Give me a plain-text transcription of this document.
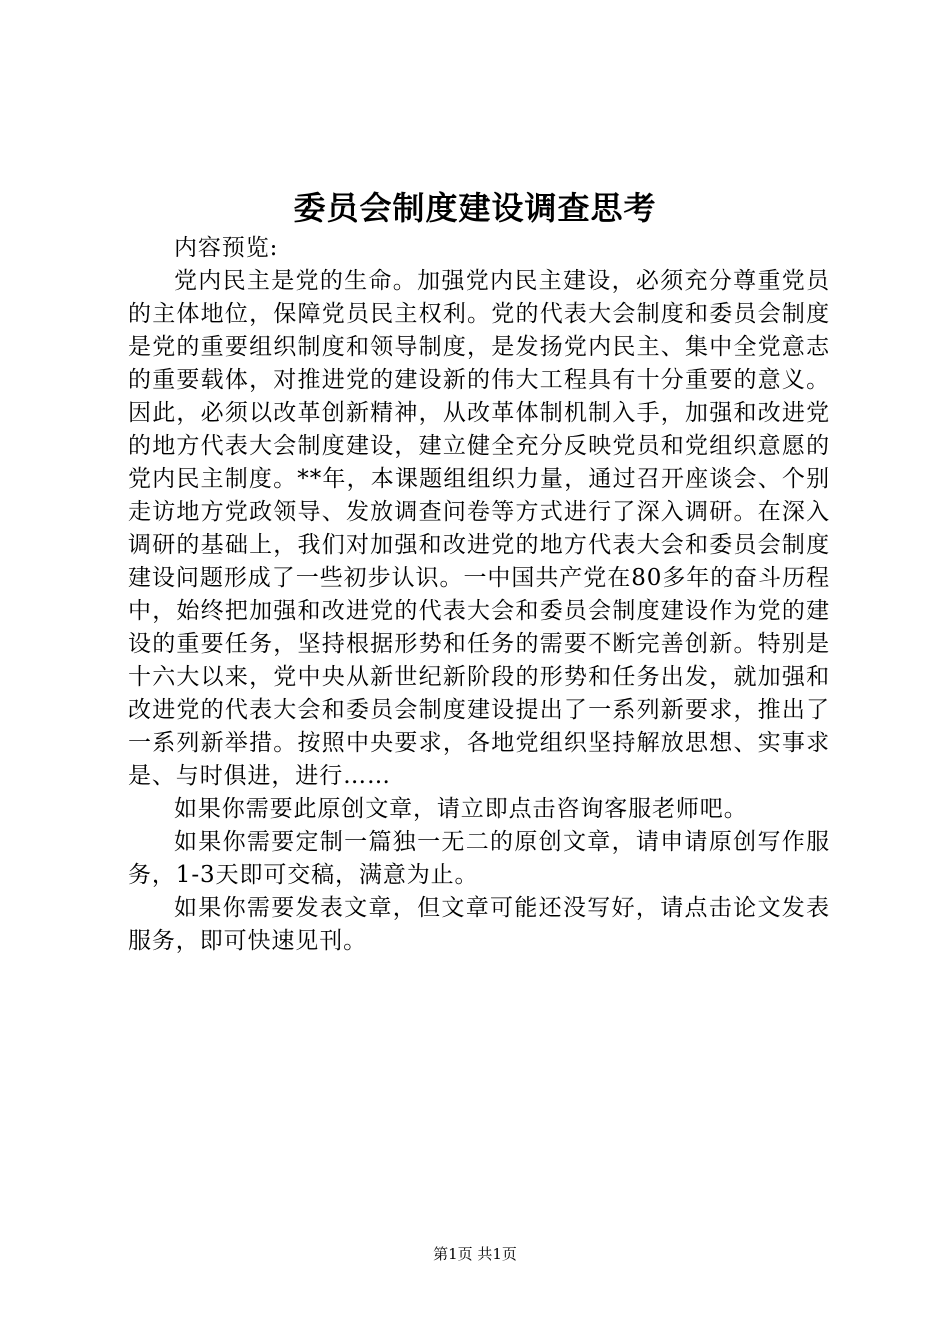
委员会制度建设调查思考

内容预览:

党内民主是党的生命。加强党内民主建设，必须充分尊重党员的主体地位，保障党员民主权利。党的代表大会制度和委员会制度是党的重要组织制度和领导制度，是发扬党内民主、集中全党意志的重要载体，对推进党的建设新的伟大工程具有十分重要的意义。因此，必须以改革创新精神，从改革体制机制入手，加强和改进党的地方代表大会制度建设，建立健全充分反映党员和党组织意愿的党内民主制度。**年，本课题组组织力量，通过召开座谈会、个别走访地方党政领导、发放调查问卷等方式进行了深入调研。在深入调研的基础上，我们对加强和改进党的地方代表大会和委员会制度建设问题形成了一些初步认识。一中国共产党在80多年的奋斗历程中，始终把加强和改进党的代表大会和委员会制度建设作为党的建设的重要任务，坚持根据形势和任务的需要不断完善创新。特别是十六大以来，党中央从新世纪新阶段的形势和任务出发，就加强和改进党的代表大会和委员会制度建设提出了一系列新要求，推出了一系列新举措。按照中央要求，各地党组织坚持解放思想、实事求是、与时俱进，进行……

如果你需要此原创文章，请立即点击咨询客服老师吧。

如果你需要定制一篇独一无二的原创文章，请申请原创写作服务，1-3天即可交稿，满意为止。

如果你需要发表文章，但文章可能还没写好，请点击论文发表服务，即可快速见刊。

第1页 共1页
